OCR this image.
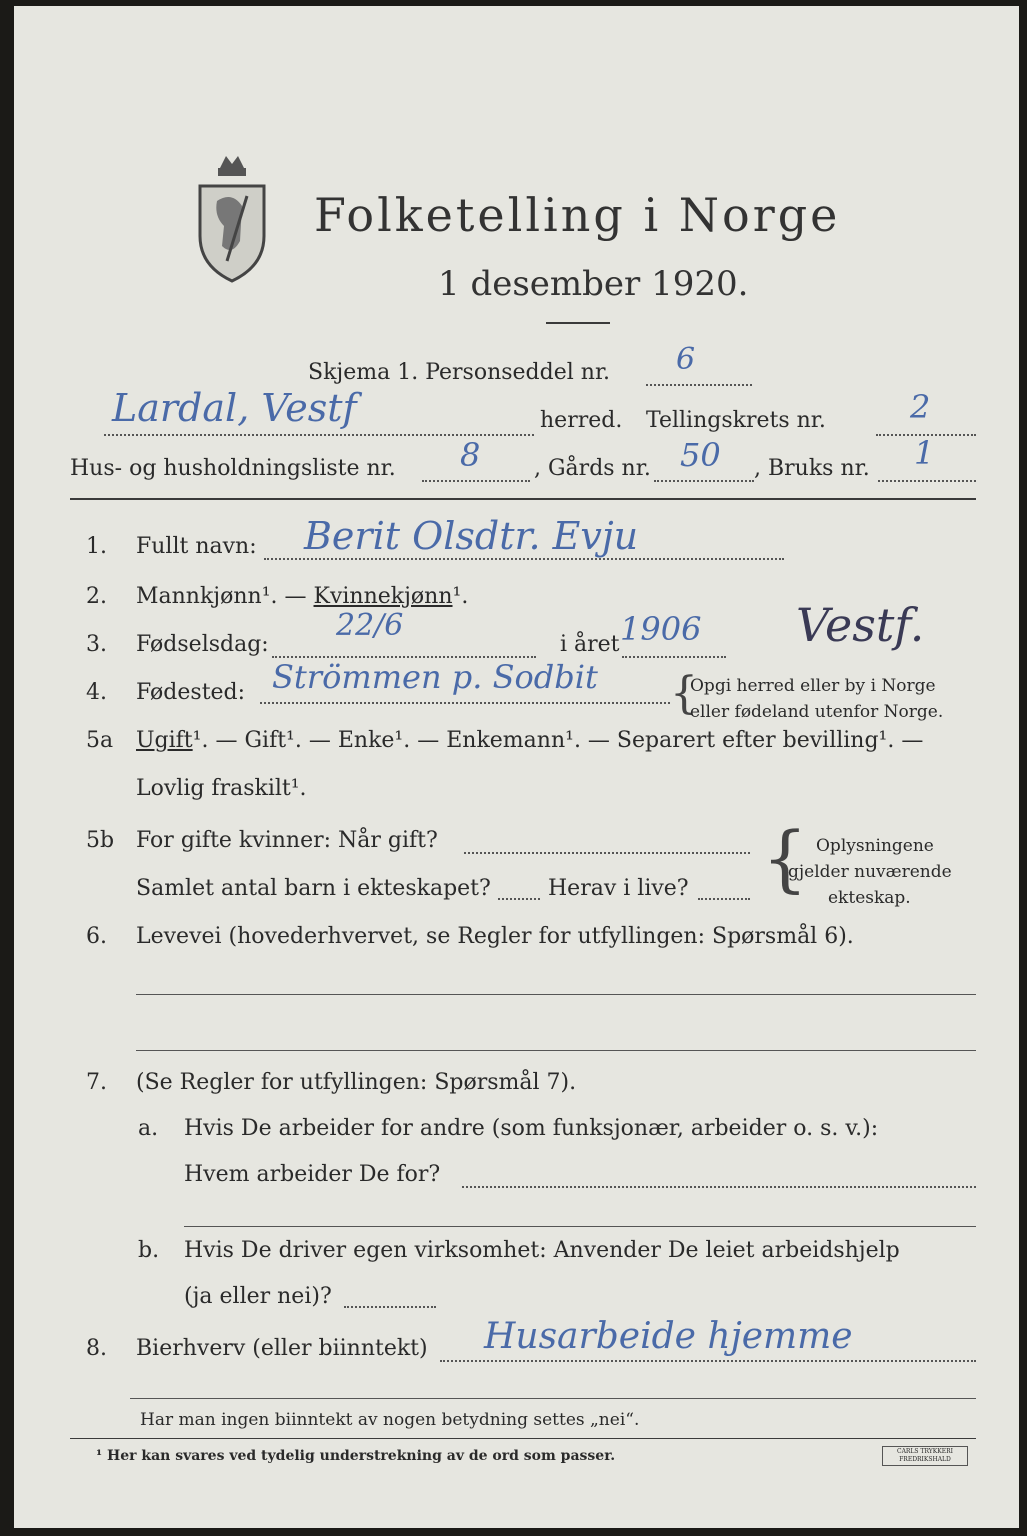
Folketelling i Norge
1 desember 1920.
Skjema 1. Personseddel nr. 6
Lardal, Vestf	herred. Tellingskrets nr.	2
Hus- og husholdningsliste nr. 8 , Gårds nr. 50 , Bruks nr. 1
1. Fullt navn: Berit Olsdtr. Evju
2. Mannkjønn¹. — Kvinnekjønn¹.
3. Fødselsdag:
22/6
i året 1906 Vestf.
4. Fødested: Strömmen p. Sodbit {
Opgi herred eller by i Norge
eller fødeland utenfor Norge.
5a Ugift¹. — Gift¹. — Enke¹. — Enkemann¹. — Separert efter bevilling¹. —
Lovlig fraskilt¹.
5b For gifte kvinner: Når gift?
Samlet antal barn i ekteskapet?	Herav i live? { Oplysningene
gjelder nuværende
ekteskap.
6. Levevei (hovederhvervet, se Regler for utfyllingen: Spørsmål 6).
7. (Se Regler for utfyllingen: Spørsmål 7).
a. Hvis De arbeider for andre (som funksjonær, arbeider o. s. v.):
Hvem arbeider De for?
b. Hvis De driver egen virksomhet: Anvender De leiet arbeidshjelp
(ja eller nei)?
8. Bierhverv (eller biinntekt) Husarbeide hjemme
Har man ingen biinntekt av nogen betydning settes „nei“.
¹ Her kan svares ved tydelig understrekning av de ord som passer.	CARLS TRYKKERI FREDRIKSHALD
